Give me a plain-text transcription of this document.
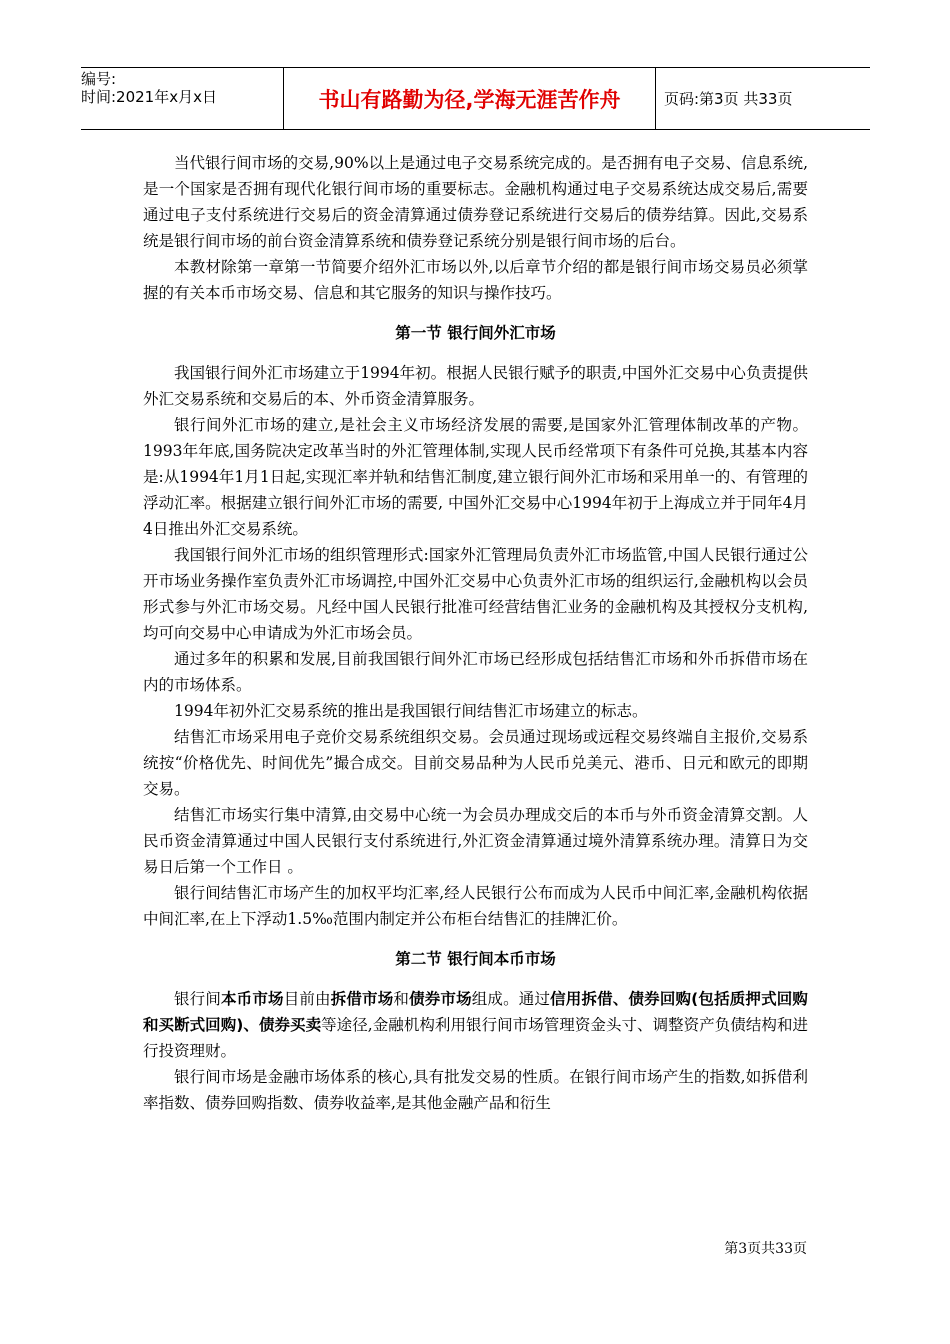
编号:
时间:2021年x月x日	书山有路勤为径,学海无涯苦作舟	页码:第3页 共33页

当代银行间市场的交易,90%以上是通过电子交易系统完成的。是否拥有电子交易、信息系统,是一个国家是否拥有现代化银行间市场的重要标志。金融机构通过电子交易系统达成交易后,需要通过电子支付系统进行交易后的资金清算通过债券登记系统进行交易后的债券结算。因此,交易系统是银行间市场的前台资金清算系统和债券登记系统分别是银行间市场的后台。

本教材除第一章第一节简要介绍外汇市场以外,以后章节介绍的都是银行间市场交易员必须掌握的有关本币市场交易、信息和其它服务的知识与操作技巧。

第一节 银行间外汇市场

我国银行间外汇市场建立于1994年初。根据人民银行赋予的职责,中国外汇交易中心负责提供外汇交易系统和交易后的本、外币资金清算服务。

银行间外汇市场的建立,是社会主义市场经济发展的需要,是国家外汇管理体制改革的产物。1993年年底,国务院决定改革当时的外汇管理体制,实现人民币经常项下有条件可兑换,其基本内容是:从1994年1月1日起,实现汇率并轨和结售汇制度,建立银行间外汇市场和采用单一的、有管理的浮动汇率。根据建立银行间外汇市场的需要, 中国外汇交易中心1994年初于上海成立并于同年4月4日推出外汇交易系统。

我国银行间外汇市场的组织管理形式:国家外汇管理局负责外汇市场监管,中国人民银行通过公开市场业务操作室负责外汇市场调控,中国外汇交易中心负责外汇市场的组织运行,金融机构以会员形式参与外汇市场交易。凡经中国人民银行批准可经营结售汇业务的金融机构及其授权分支机构,均可向交易中心申请成为外汇市场会员。

通过多年的积累和发展,目前我国银行间外汇市场已经形成包括结售汇市场和外币拆借市场在内的市场体系。

1994年初外汇交易系统的推出是我国银行间结售汇市场建立的标志。

结售汇市场采用电子竞价交易系统组织交易。会员通过现场或远程交易终端自主报价,交易系统按“价格优先、时间优先”撮合成交。目前交易品种为人民币兑美元、港币、日元和欧元的即期交易。

结售汇市场实行集中清算,由交易中心统一为会员办理成交后的本币与外币资金清算交割。人民币资金清算通过中国人民银行支付系统进行,外汇资金清算通过境外清算系统办理。清算日为交易日后第一个工作日 。

银行间结售汇市场产生的加权平均汇率,经人民银行公布而成为人民币中间汇率,金融机构依据中间汇率,在上下浮动1.5‰范围内制定并公布柜台结售汇的挂牌汇价。

第二节 银行间本币市场

银行间本币市场目前由拆借市场和债券市场组成。通过信用拆借、债券回购(包括质押式回购和买断式回购)、债券买卖等途径,金融机构利用银行间市场管理资金头寸、调整资产负债结构和进行投资理财。

银行间市场是金融市场体系的核心,具有批发交易的性质。在银行间市场产生的指数,如拆借利率指数、债券回购指数、债券收益率,是其他金融产品和衍生

第3页共33页
